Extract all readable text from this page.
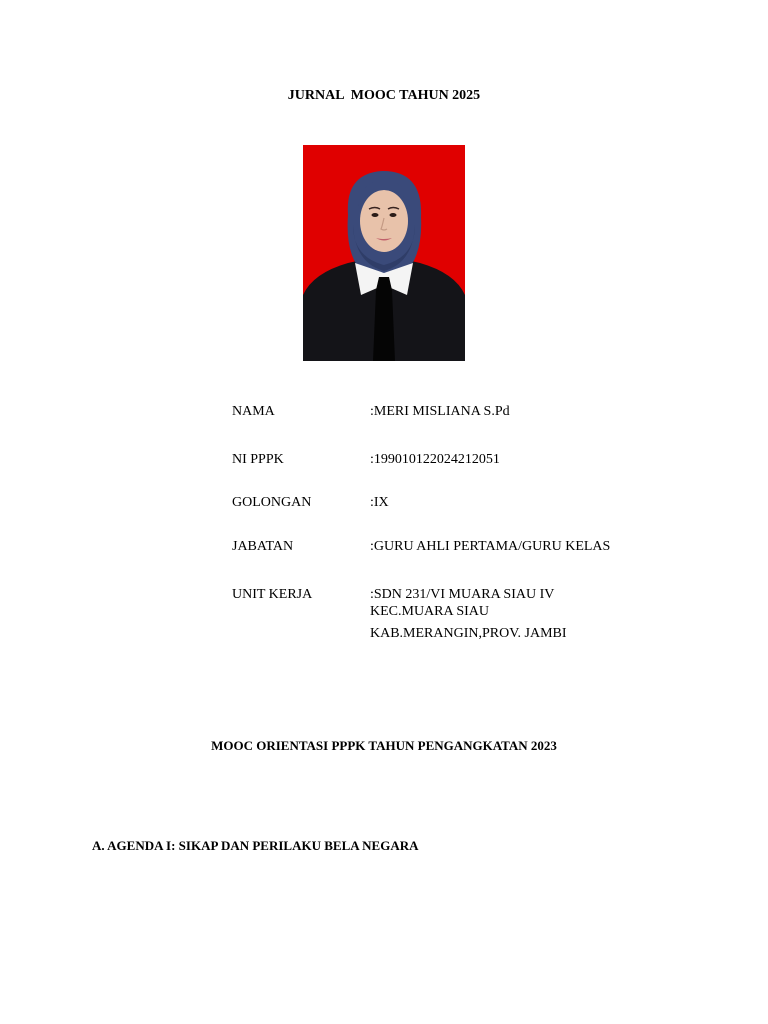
JURNAL  MOOC TAHUN 2025
NAMA	:MERI MISLIANA S.Pd
NI PPPK	:199010122024212051
GOLONGAN	:IX
JABATAN	:GURU AHLI PERTAMA/GURU KELAS
UNIT KERJA	:SDN 231/VI MUARA SIAU IV
KEC.MUARA SIAU
KAB.MERANGIN,PROV. JAMBI
MOOC ORIENTASI PPPK TAHUN PENGANGKATAN 2023
A. AGENDA I: SIKAP DAN PERILAKU BELA NEGARA
